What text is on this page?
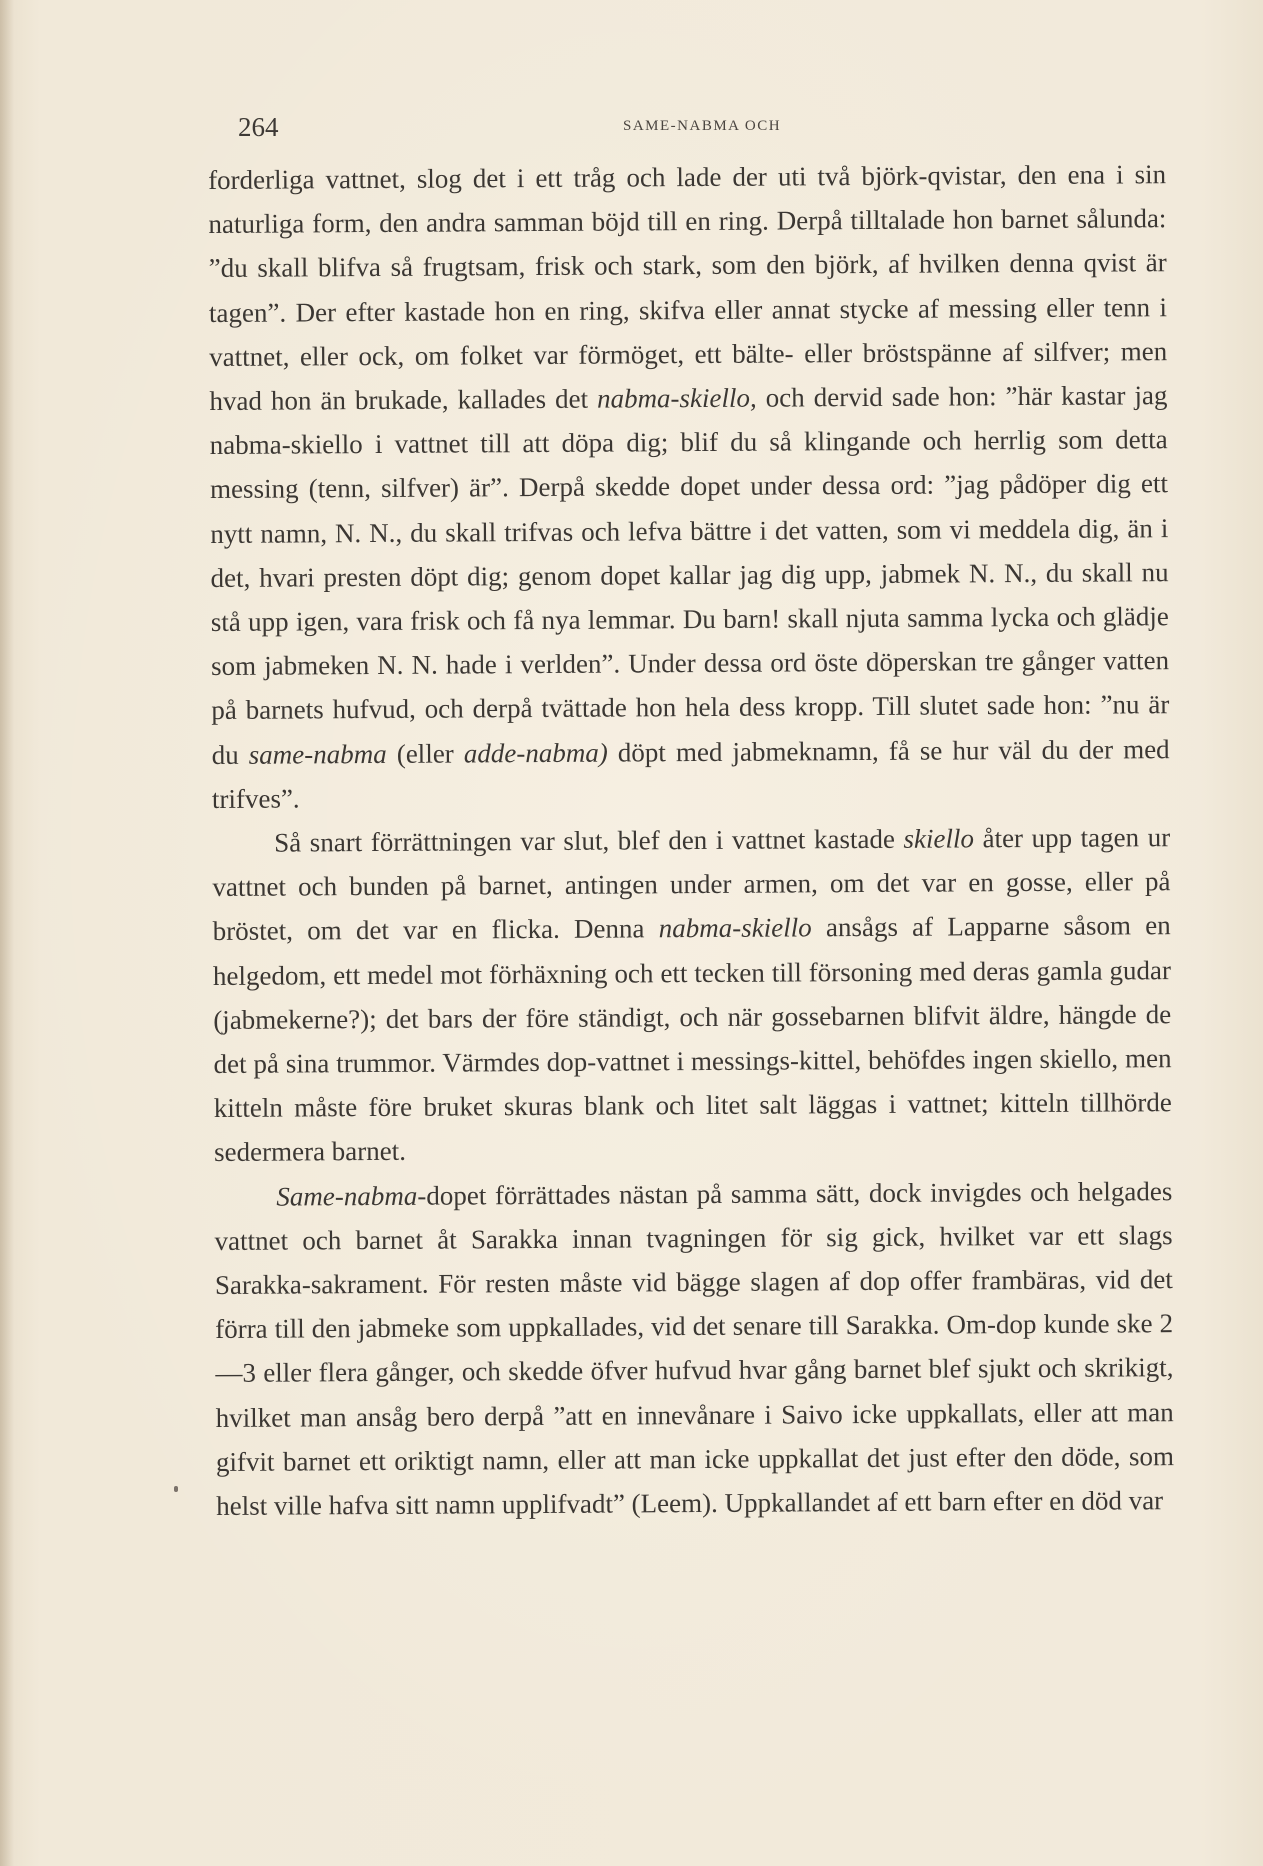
264	SAME-NABMA OCH

forderliga vattnet, slog det i ett tråg och lade der uti två björk-qvistar, den ena i sin naturliga form, den andra samman böjd till en ring. Derpå tilltalade hon barnet sålunda: ”du skall blifva så frugtsam, frisk och stark, som den björk, af hvilken denna qvist är tagen”. Der efter kastade hon en ring, skifva eller annat stycke af messing eller tenn i vattnet, eller ock, om folket var förmöget, ett bälte- eller bröstspänne af silfver; men hvad hon än brukade, kallades det nabma-skiello, och dervid sade hon: ”här kastar jag nabma-skiello i vattnet till att döpa dig; blif du så klingande och herrlig som detta messing (tenn, silfver) är”. Derpå skedde dopet under dessa ord: ”jag pådöper dig ett nytt namn, N. N., du skall trifvas och lefva bättre i det vatten, som vi meddela dig, än i det, hvari presten döpt dig; genom dopet kallar jag dig upp, jabmek N. N., du skall nu stå upp igen, vara frisk och få nya lemmar. Du barn! skall njuta samma lycka och glädje som jabmeken N. N. hade i verlden”. Under dessa ord öste döperskan tre gånger vatten på barnets hufvud, och derpå tvättade hon hela dess kropp. Till slutet sade hon: ”nu är du same-nabma (eller adde-nabma) döpt med jabmeknamn, få se hur väl du der med trifves”.

Så snart förrättningen var slut, blef den i vattnet kastade skiello åter upp tagen ur vattnet och bunden på barnet, antingen under armen, om det var en gosse, eller på bröstet, om det var en flicka. Denna nabma-skiello ansågs af Lapparne såsom en helgedom, ett medel mot förhäxning och ett tecken till försoning med deras gamla gudar (jabmekerne?); det bars der före ständigt, och när gossebarnen blifvit äldre, hängde de det på sina trummor. Värmdes dop-vattnet i messings-kittel, behöfdes ingen skiello, men kitteln måste före bruket skuras blank och litet salt läggas i vattnet; kitteln tillhörde sedermera barnet.

Same-nabma-dopet förrättades nästan på samma sätt, dock invigdes och helgades vattnet och barnet åt Sarakka innan tvagningen för sig gick, hvilket var ett slags Sarakka-sakrament. För resten måste vid bägge slagen af dop offer frambäras, vid det förra till den jabmeke som uppkallades, vid det senare till Sarakka. Om-dop kunde ske 2—3 eller flera gånger, och skedde öfver hufvud hvar gång barnet blef sjukt och skrikigt, hvilket man ansåg bero derpå ”att en innevånare i Saivo icke uppkallats, eller att man gifvit barnet ett oriktigt namn, eller att man icke uppkallat det just efter den döde, som helst ville hafva sitt namn upplifvadt” (Leem). Uppkallandet af ett barn efter en död var
